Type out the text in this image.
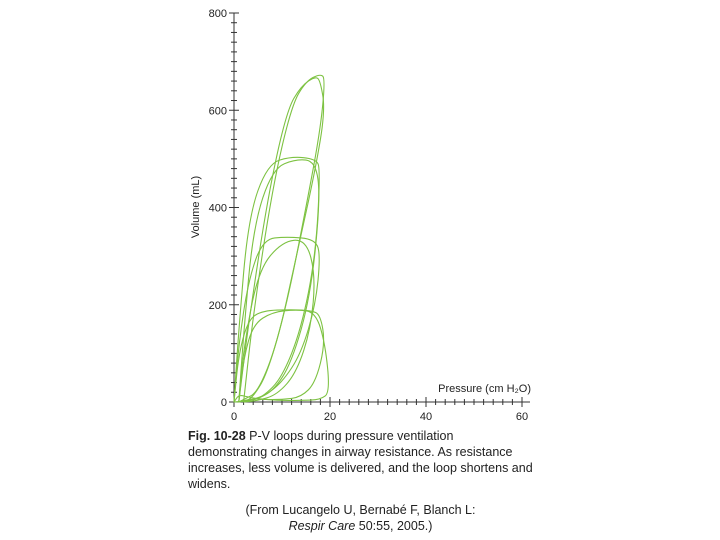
0
200
400
600
800
0	20	40	60
Volume (mL)
Pressure (cm H₂O)
Fig. 10-28 P-V loops during pressure ventilation demonstrating changes in airway resistance. As resistance increases, less volume is delivered, and the loop shortens and widens.
(From Lucangelo U, Bernabé F, Blanch L:
Respir Care 50:55, 2005.)
